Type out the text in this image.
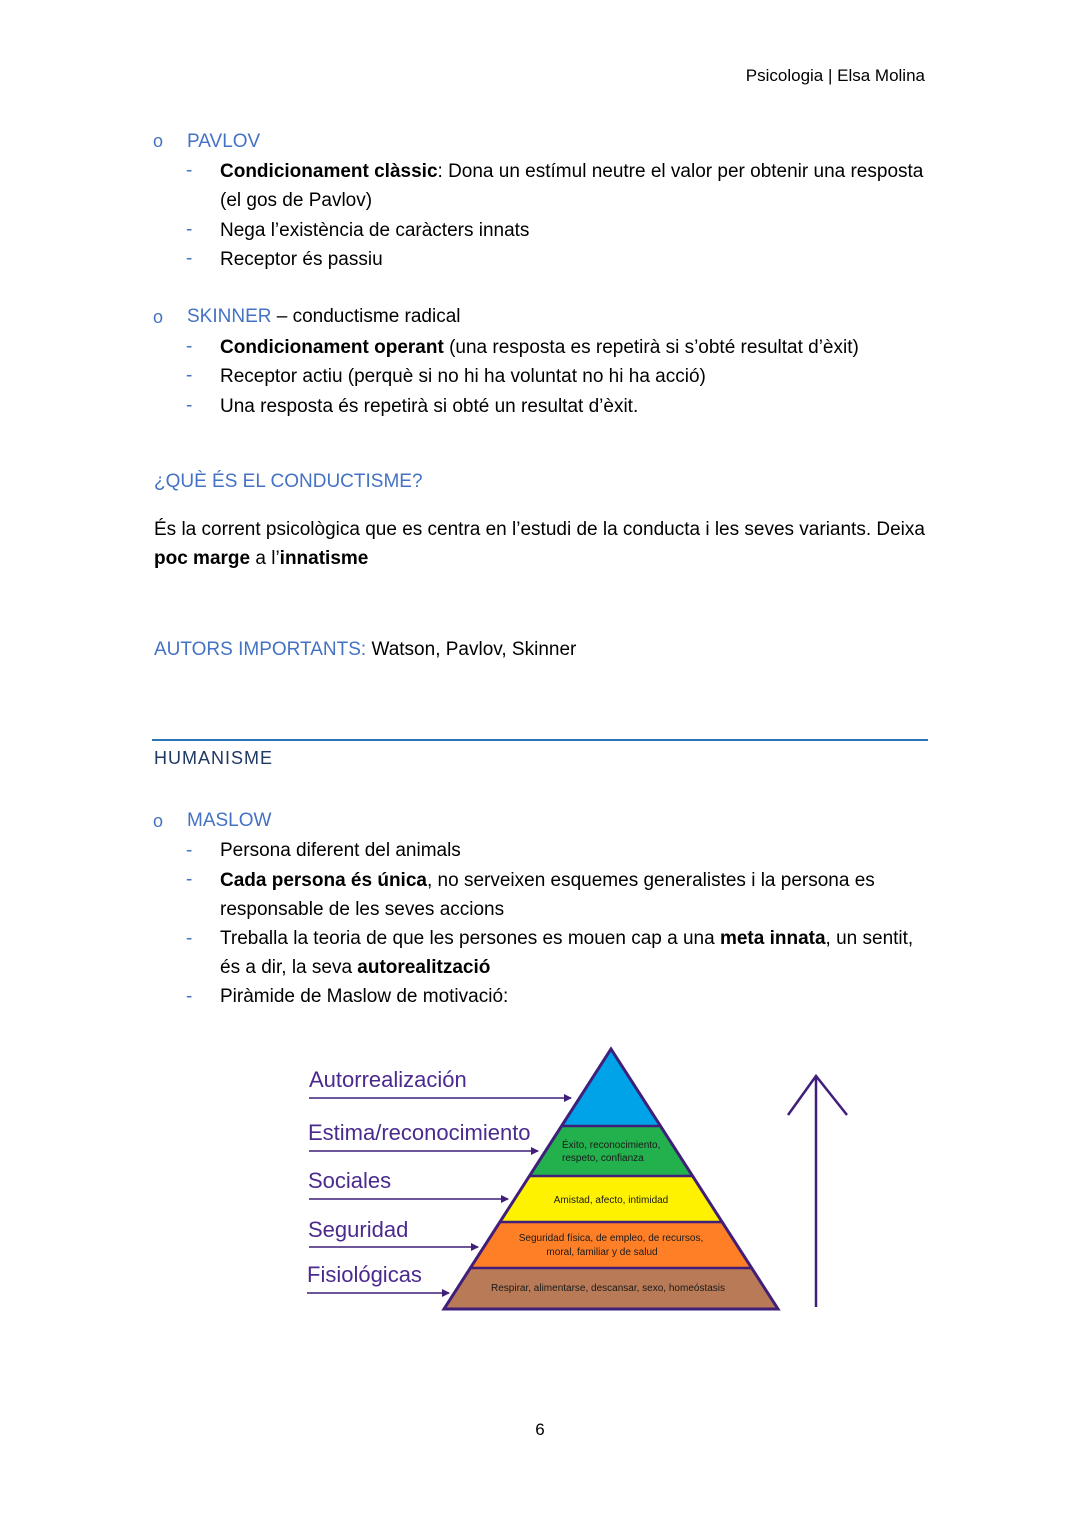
Psicologia | Elsa Molina
o PAVLOV
- Condicionament clàssic: Dona un estímul neutre el valor per obtenir una resposta
(el gos de Pavlov)
- Nega l’existència de caràcters innats
- Receptor és passiu
o SKINNER – conductisme radical
- Condicionament operant (una resposta es repetirà si s’obté resultat d’èxit)
- Receptor actiu (perquè si no hi ha voluntat no hi ha acció)
- Una resposta és repetirà si obté un resultat d’èxit.
¿QUÈ ÉS EL CONDUCTISME?
És la corrent psicològica que es centra en l’estudi de la conducta i les seves variants. Deixa
poc marge a l’innatisme
AUTORS IMPORTANTS: Watson, Pavlov, Skinner
HUMANISME
o MASLOW
- Persona diferent del animals
- Cada persona és única, no serveixen esquemes generalistes i la persona es
responsable de les seves accions
- Treballa la teoria de que les persones es mouen cap a una meta innata, un sentit,
és a dir, la seva autorealització
- Piràmide de Maslow de motivació:
Éxito, reconocimiento,
respeto, confianza
Amistad, afecto, intimidad
Seguridad física, de empleo, de recursos,
moral, familiar y de salud
Respirar, alimentarse, descansar, sexo, homeóstasis
Autorrealización
Estima/reconocimiento
Sociales
Seguridad
Fisiológicas
6
